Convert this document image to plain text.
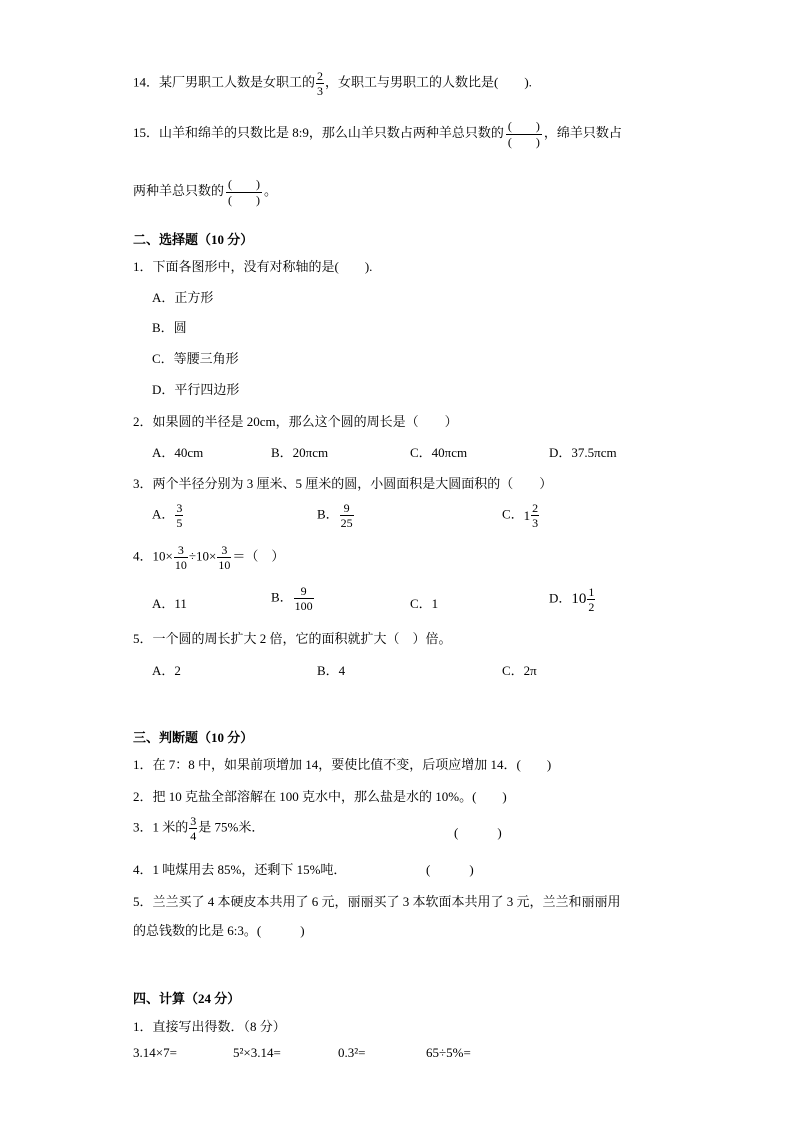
14．某厂男职工人数是女职工的 $\frac{2}{3}$ ，女职工与男职工的人数比是(　　).
15．山羊和绵羊的只数比是 8:9，那么山羊只数占两种羊总只数的 $\frac{( )}{( )}$ ，绵羊只数占
两种羊总只数的 $\frac{( )}{( )}$ 。
二、选择题（10 分）
1．下面各图形中，没有对称轴的是(　　).
A．正方形
B．圆
C．等腰三角形
D．平行四边形
2．如果圆的半径是 20cm，那么这个圆的周长是（　　）
A．40cm	B．20πcm	C．40πcm	D．37.5πcm
3．两个半径分别为 3 厘米、5 厘米的圆，小圆面积是大圆面积的（　　）
A． $\frac{3}{5}$	B． $\frac{9}{25}$	C． $1 \frac{2}{3}$
4．$10\times \frac{3}{10} \div 10\times \frac{3}{10}$ ＝（　）
A．11	B． $\frac{9}{100}$	C．1	D． $10 \frac{1}{2}$
5．一个圆的周长扩大 2 倍，它的面积就扩大（　）倍。
A．2	B．4	C．2π
三、判断题（10 分）
1．在 7：8 中，如果前项增加 14，要使比值不变，后项应增加 14．(　　)
2．把 10 克盐全部溶解在 100 克水中，那么盐是水的 10%。(　　)
3．1 米的 $\frac{3}{4}$ 是 75%米．	(　　　)
4．1 吨煤用去 85%，还剩下 15%吨．	(　　　)
5．兰兰买了 4 本硬皮本共用了 6 元，丽丽买了 3 本软面本共用了 3 元，兰兰和丽丽用
的总钱数的比是 6:3。(　　　)
四、计算（24 分）
1．直接写出得数．（8 分）
3.14×7=	5²×3.14=	0.3²=	65÷5%=
